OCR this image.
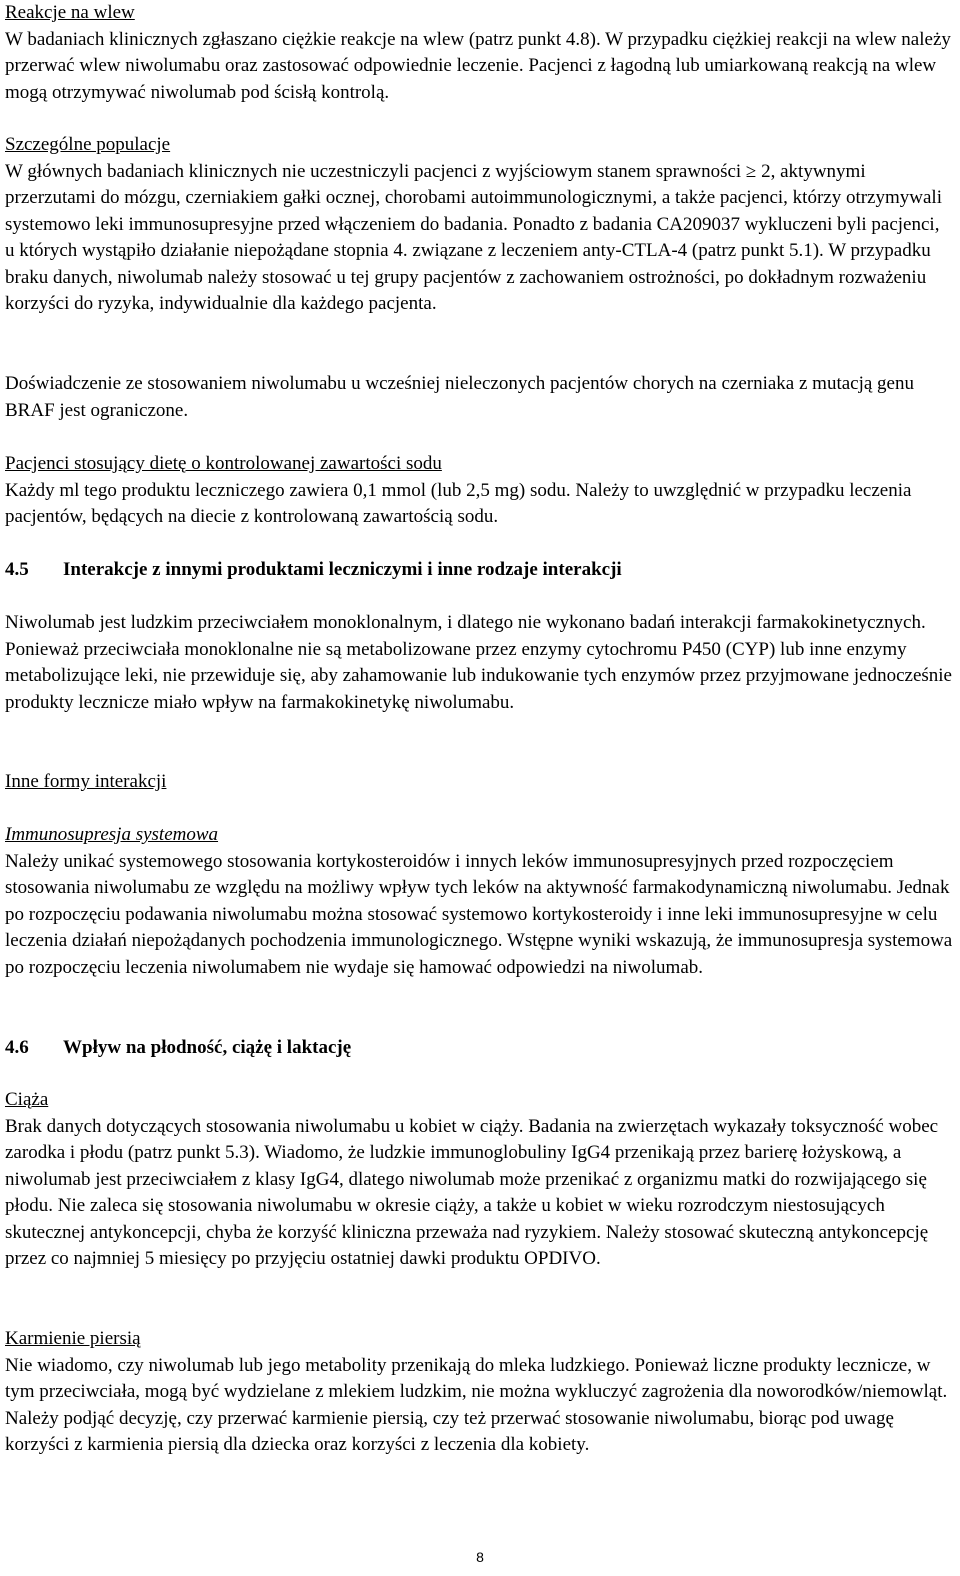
Reakcje na wlew

W badaniach klinicznych zgłaszano ciężkie reakcje na wlew (patrz punkt 4.8). W przypadku ciężkiej reakcji na wlew należy przerwać wlew niwolumabu oraz zastosować odpowiednie leczenie. Pacjenci z łagodną lub umiarkowaną reakcją na wlew mogą otrzymywać niwolumab pod ścisłą kontrolą.

Szczególne populacje

W głównych badaniach klinicznych nie uczestniczyli pacjenci z wyjściowym stanem sprawności ≥ 2, aktywnymi przerzutami do mózgu, czerniakiem gałki ocznej, chorobami autoimmunologicznymi, a także pacjenci, którzy otrzymywali systemowo leki immunosupresyjne przed włączeniem do badania. Ponadto z badania CA209037 wykluczeni byli pacjenci, u których wystąpiło działanie niepożądane stopnia 4. związane z leczeniem anty-CTLA-4 (patrz punkt 5.1). W przypadku braku danych, niwolumab należy stosować u tej grupy pacjentów z zachowaniem ostrożności, po dokładnym rozważeniu korzyści do ryzyka, indywidualnie dla każdego pacjenta.

Doświadczenie ze stosowaniem niwolumabu u wcześniej nieleczonych pacjentów chorych na czerniaka z mutacją genu BRAF jest ograniczone.

Pacjenci stosujący dietę o kontrolowanej zawartości sodu

Każdy ml tego produktu leczniczego zawiera 0,1 mmol (lub 2,5 mg) sodu. Należy to uwzględnić w przypadku leczenia pacjentów, będących na diecie z kontrolowaną zawartością sodu.

4.5 Interakcje z innymi produktami leczniczymi i inne rodzaje interakcji

Niwolumab jest ludzkim przeciwciałem monoklonalnym, i dlatego nie wykonano badań interakcji farmakokinetycznych. Ponieważ przeciwciała monoklonalne nie są metabolizowane przez enzymy cytochromu P450 (CYP) lub inne enzymy metabolizujące leki, nie przewiduje się, aby zahamowanie lub indukowanie tych enzymów przez przyjmowane jednocześnie produkty lecznicze miało wpływ na farmakokinetykę niwolumabu.

Inne formy interakcji

Immunosupresja systemowa

Należy unikać systemowego stosowania kortykosteroidów i innych leków immunosupresyjnych przed rozpoczęciem stosowania niwolumabu ze względu na możliwy wpływ tych leków na aktywność farmakodynamiczną niwolumabu. Jednak po rozpoczęciu podawania niwolumabu można stosować systemowo kortykosteroidy i inne leki immunosupresyjne w celu leczenia działań niepożądanych pochodzenia immunologicznego. Wstępne wyniki wskazują, że immunosupresja systemowa po rozpoczęciu leczenia niwolumabem nie wydaje się hamować odpowiedzi na niwolumab.

4.6 Wpływ na płodność, ciążę i laktację

Ciąża

Brak danych dotyczących stosowania niwolumabu u kobiet w ciąży. Badania na zwierzętach wykazały toksyczność wobec zarodka i płodu (patrz punkt 5.3). Wiadomo, że ludzkie immunoglobuliny IgG4 przenikają przez barierę łożyskową, a niwolumab jest przeciwciałem z klasy IgG4, dlatego niwolumab może przenikać z organizmu matki do rozwijającego się płodu. Nie zaleca się stosowania niwolumabu w okresie ciąży, a także u kobiet w wieku rozrodczym niestosujących skutecznej antykoncepcji, chyba że korzyść kliniczna przeważa nad ryzykiem. Należy stosować skuteczną antykoncepcję przez co najmniej 5 miesięcy po przyjęciu ostatniej dawki produktu OPDIVO.

Karmienie piersią

Nie wiadomo, czy niwolumab lub jego metabolity przenikają do mleka ludzkiego. Ponieważ liczne produkty lecznicze, w tym przeciwciała, mogą być wydzielane z mlekiem ludzkim, nie można wykluczyć zagrożenia dla noworodków/niemowląt. Należy podjąć decyzję, czy przerwać karmienie piersią, czy też przerwać stosowanie niwolumabu, biorąc pod uwagę korzyści z karmienia piersią dla dziecka oraz korzyści z leczenia dla kobiety.

8
